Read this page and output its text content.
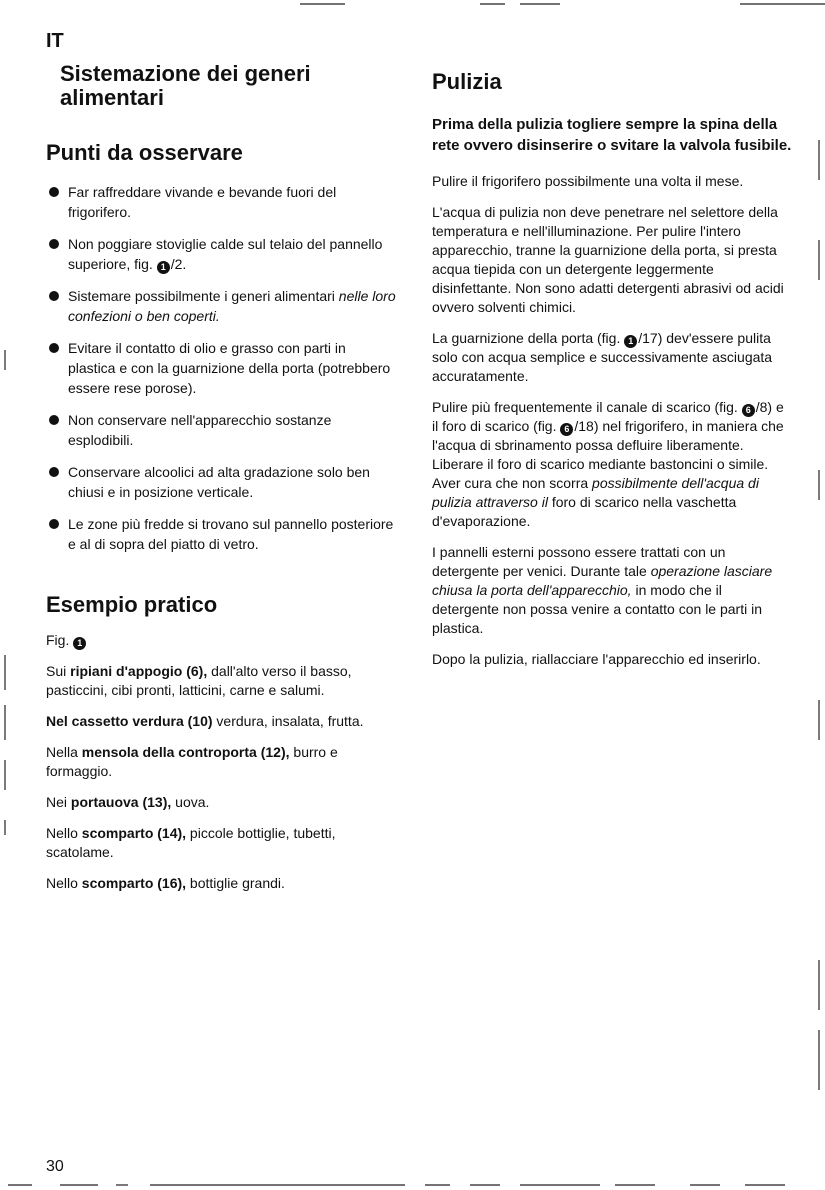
IT
Sistemazione dei generi alimentari
Punti da osservare
Far raffreddare vivande e bevande fuori del frigorifero.
Non poggiare stoviglie calde sul telaio del pannello superiore, fig. 1 /2.
Sistemare possibilmente i generi alimentari nelle loro confezioni o ben coperti.
Evitare il contatto di olio e grasso con parti in plastica e con la guarnizione della porta (potrebbero essere rese porose).
Non conservare nell'apparecchio sostanze esplodibili.
Conservare alcoolici ad alta gradazione solo ben chiusi e in posizione verticale.
Le zone più fredde si trovano sul pannello posteriore e al di sopra del piatto di vetro.
Esempio pratico
Fig. 1

Sui ripiani d'appogio (6), dall'alto verso il basso, pasticcini, cibi pronti, latticini, carne e salumi.

Nel cassetto verdura (10) verdura, insalata, frutta.

Nella mensola della controporta (12), burro e formaggio.

Nei portauova (13), uova.

Nello scomparto (14), piccole bottiglie, tubetti, scatolame.

Nello scomparto (16), bottiglie grandi.

Pulizia

Prima della pulizia togliere sempre la spina della rete ovvero disinserire o svitare la valvola fusibile.

Pulire il frigorifero possibilmente una volta il mese.

L'acqua di pulizia non deve penetrare nel selettore della temperatura e nell'illuminazione. Per pulire l'intero apparecchio, tranne la guarnizione della porta, si presta acqua tiepida con un detergente leggermente disinfettante. Non sono adatti detergenti abrasivi od acidi ovvero solventi chimici.

La guarnizione della porta (fig. 1 /17) dev'essere pulita solo con acqua semplice e successivamente asciugata accuratamente.

Pulire più frequentemente il canale di scarico (fig. 6 /8) e il foro di scarico (fig. 6 /18) nel frigorifero, in maniera che l'acqua di sbrinamento possa defluire liberamente. Liberare il foro di scarico mediante bastoncini o simile. Aver cura che non scorra possibilmente dell'acqua di pulizia attraverso il foro di scarico nella vaschetta d'evaporazione.

I pannelli esterni possono essere trattati con un detergente per venici. Durante tale operazione lasciare chiusa la porta dell'apparecchio, in modo che il detergente non possa venire a contatto con le parti in plastica.

Dopo la pulizia, riallacciare l'apparecchio ed inserirlo.

30
